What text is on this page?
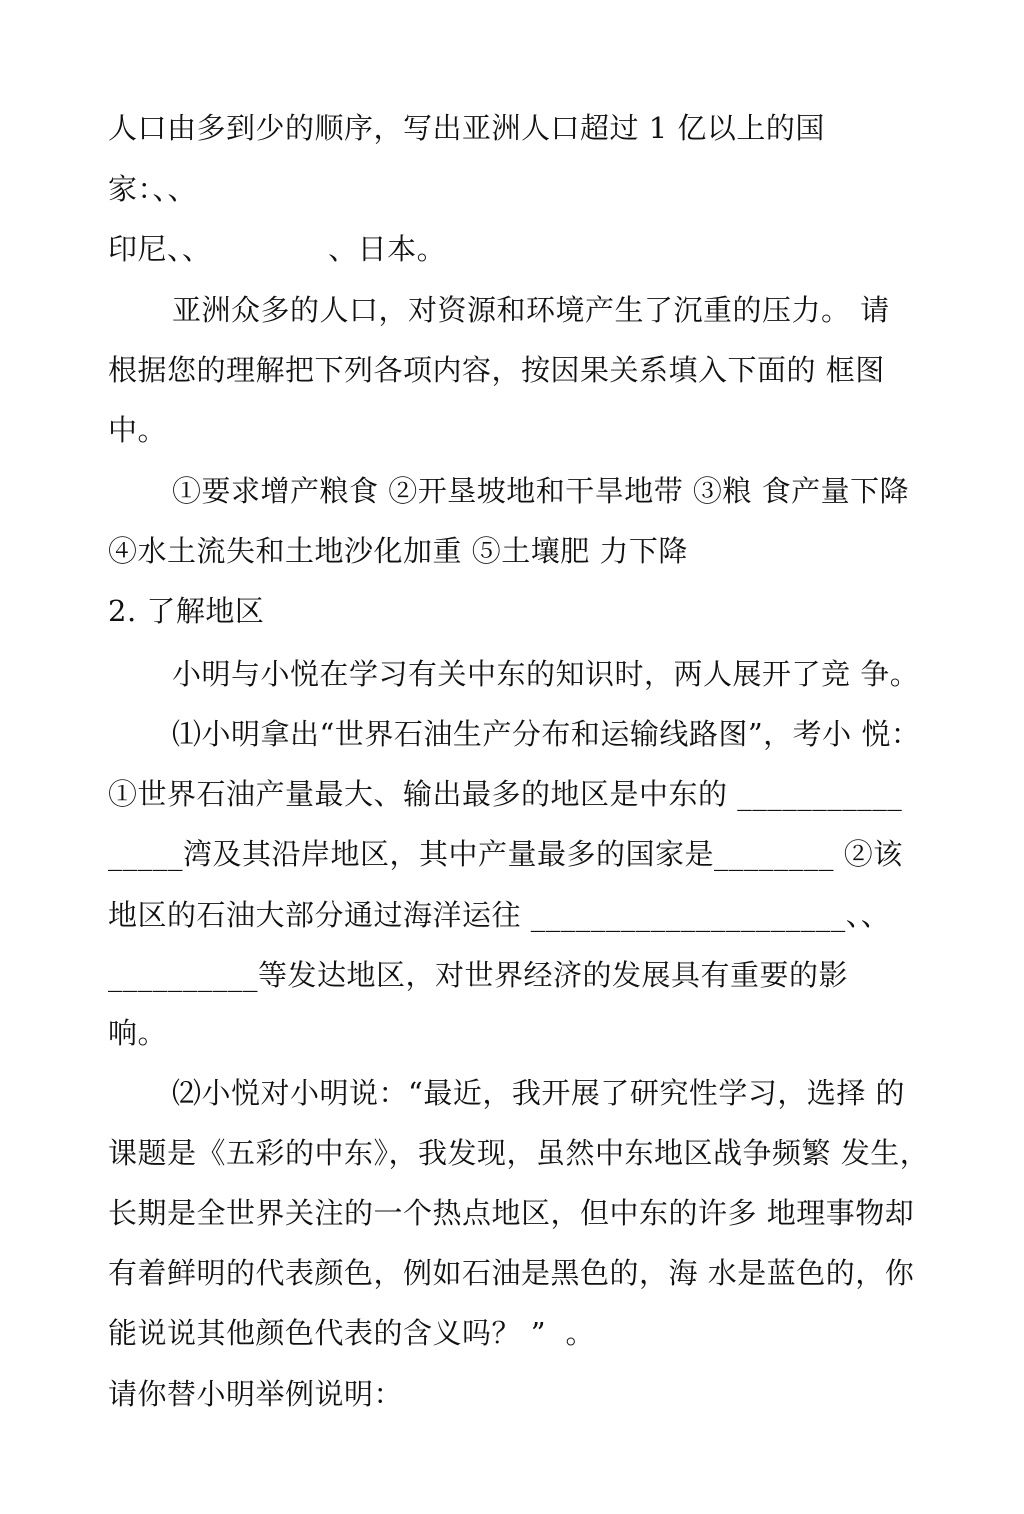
人口由多到少的顺序，写出亚洲人口超过 1 亿以上的国
家：、、
印尼、、            、日本。
亚洲众多的人口，对资源和环境产生了沉重的压力。 请
根据您的理解把下列各项内容，按因果关系填入下面的 框图
中。
①要求增产粮食 ②开垦坡地和干旱地带 ③粮 食产量下降
④水土流失和土地沙化加重 ⑤土壤肥 力下降
2. 了解地区
小明与小悦在学习有关中东的知识时，两人展开了竞 争。
⑴小明拿出“世界石油生产分布和运输线路图”，考小 悦：
①世界石油产量最大、输出最多的地区是中东的 ___________
_____湾及其沿岸地区，其中产量最多的国家是________ ②该
地区的石油大部分通过海洋运往 _____________________、、
__________等发达地区，对世界经济的发展具有重要的影
响。
⑵小悦对小明说：“最近，我开展了研究性学习，选择 的
课题是《五彩的中东》，我发现，虽然中东地区战争频繁 发生，
长期是全世界关注的一个热点地区，但中东的许多 地理事物却
有着鲜明的代表颜色，例如石油是黑色的，海 水是蓝色的，你
能说说其他颜色代表的含义吗？ ”  。
请你替小明举例说明：
